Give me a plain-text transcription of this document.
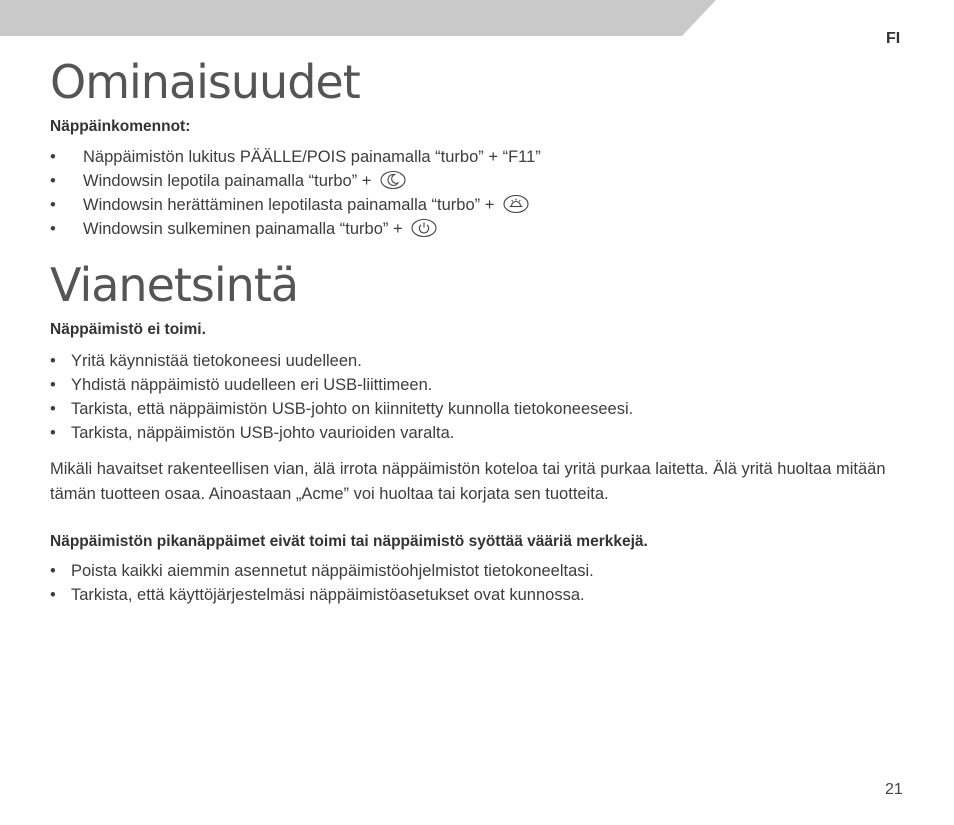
FI
Ominaisuudet
Näppäinkomennot:
• Näppäimistön lukitus PÄÄLLE/POIS painamalla “turbo” + “F11”
• Windowsin lepotila painamalla “turbo” +
• Windowsin herättäminen lepotilasta painamalla “turbo” +
• Windowsin sulkeminen painamalla “turbo” +
Vianetsintä
Näppäimistö ei toimi.
• Yritä käynnistää tietokoneesi uudelleen.
• Yhdistä näppäimistö uudelleen eri USB-liittimeen.
• Tarkista, että näppäimistön USB-johto on kiinnitetty kunnolla tietokoneeseesi.
• Tarkista, näppäimistön USB-johto vaurioiden varalta.

Mikäli havaitset rakenteellisen vian, älä irrota näppäimistön koteloa tai yritä purkaa laitetta. Älä yritä huoltaa mitään tämän tuotteen osaa. Ainoastaan „Acme” voi huoltaa tai korjata sen tuotteita.

Näppäimistön pikanäppäimet eivät toimi tai näppäimistö syöttää vääriä merkkejä.
• Poista kaikki aiemmin asennetut näppäimistöohjelmistot tietokoneeltasi.
• Tarkista, että käyttöjärjestelmäsi näppäimistöasetukset ovat kunnossa.
21
